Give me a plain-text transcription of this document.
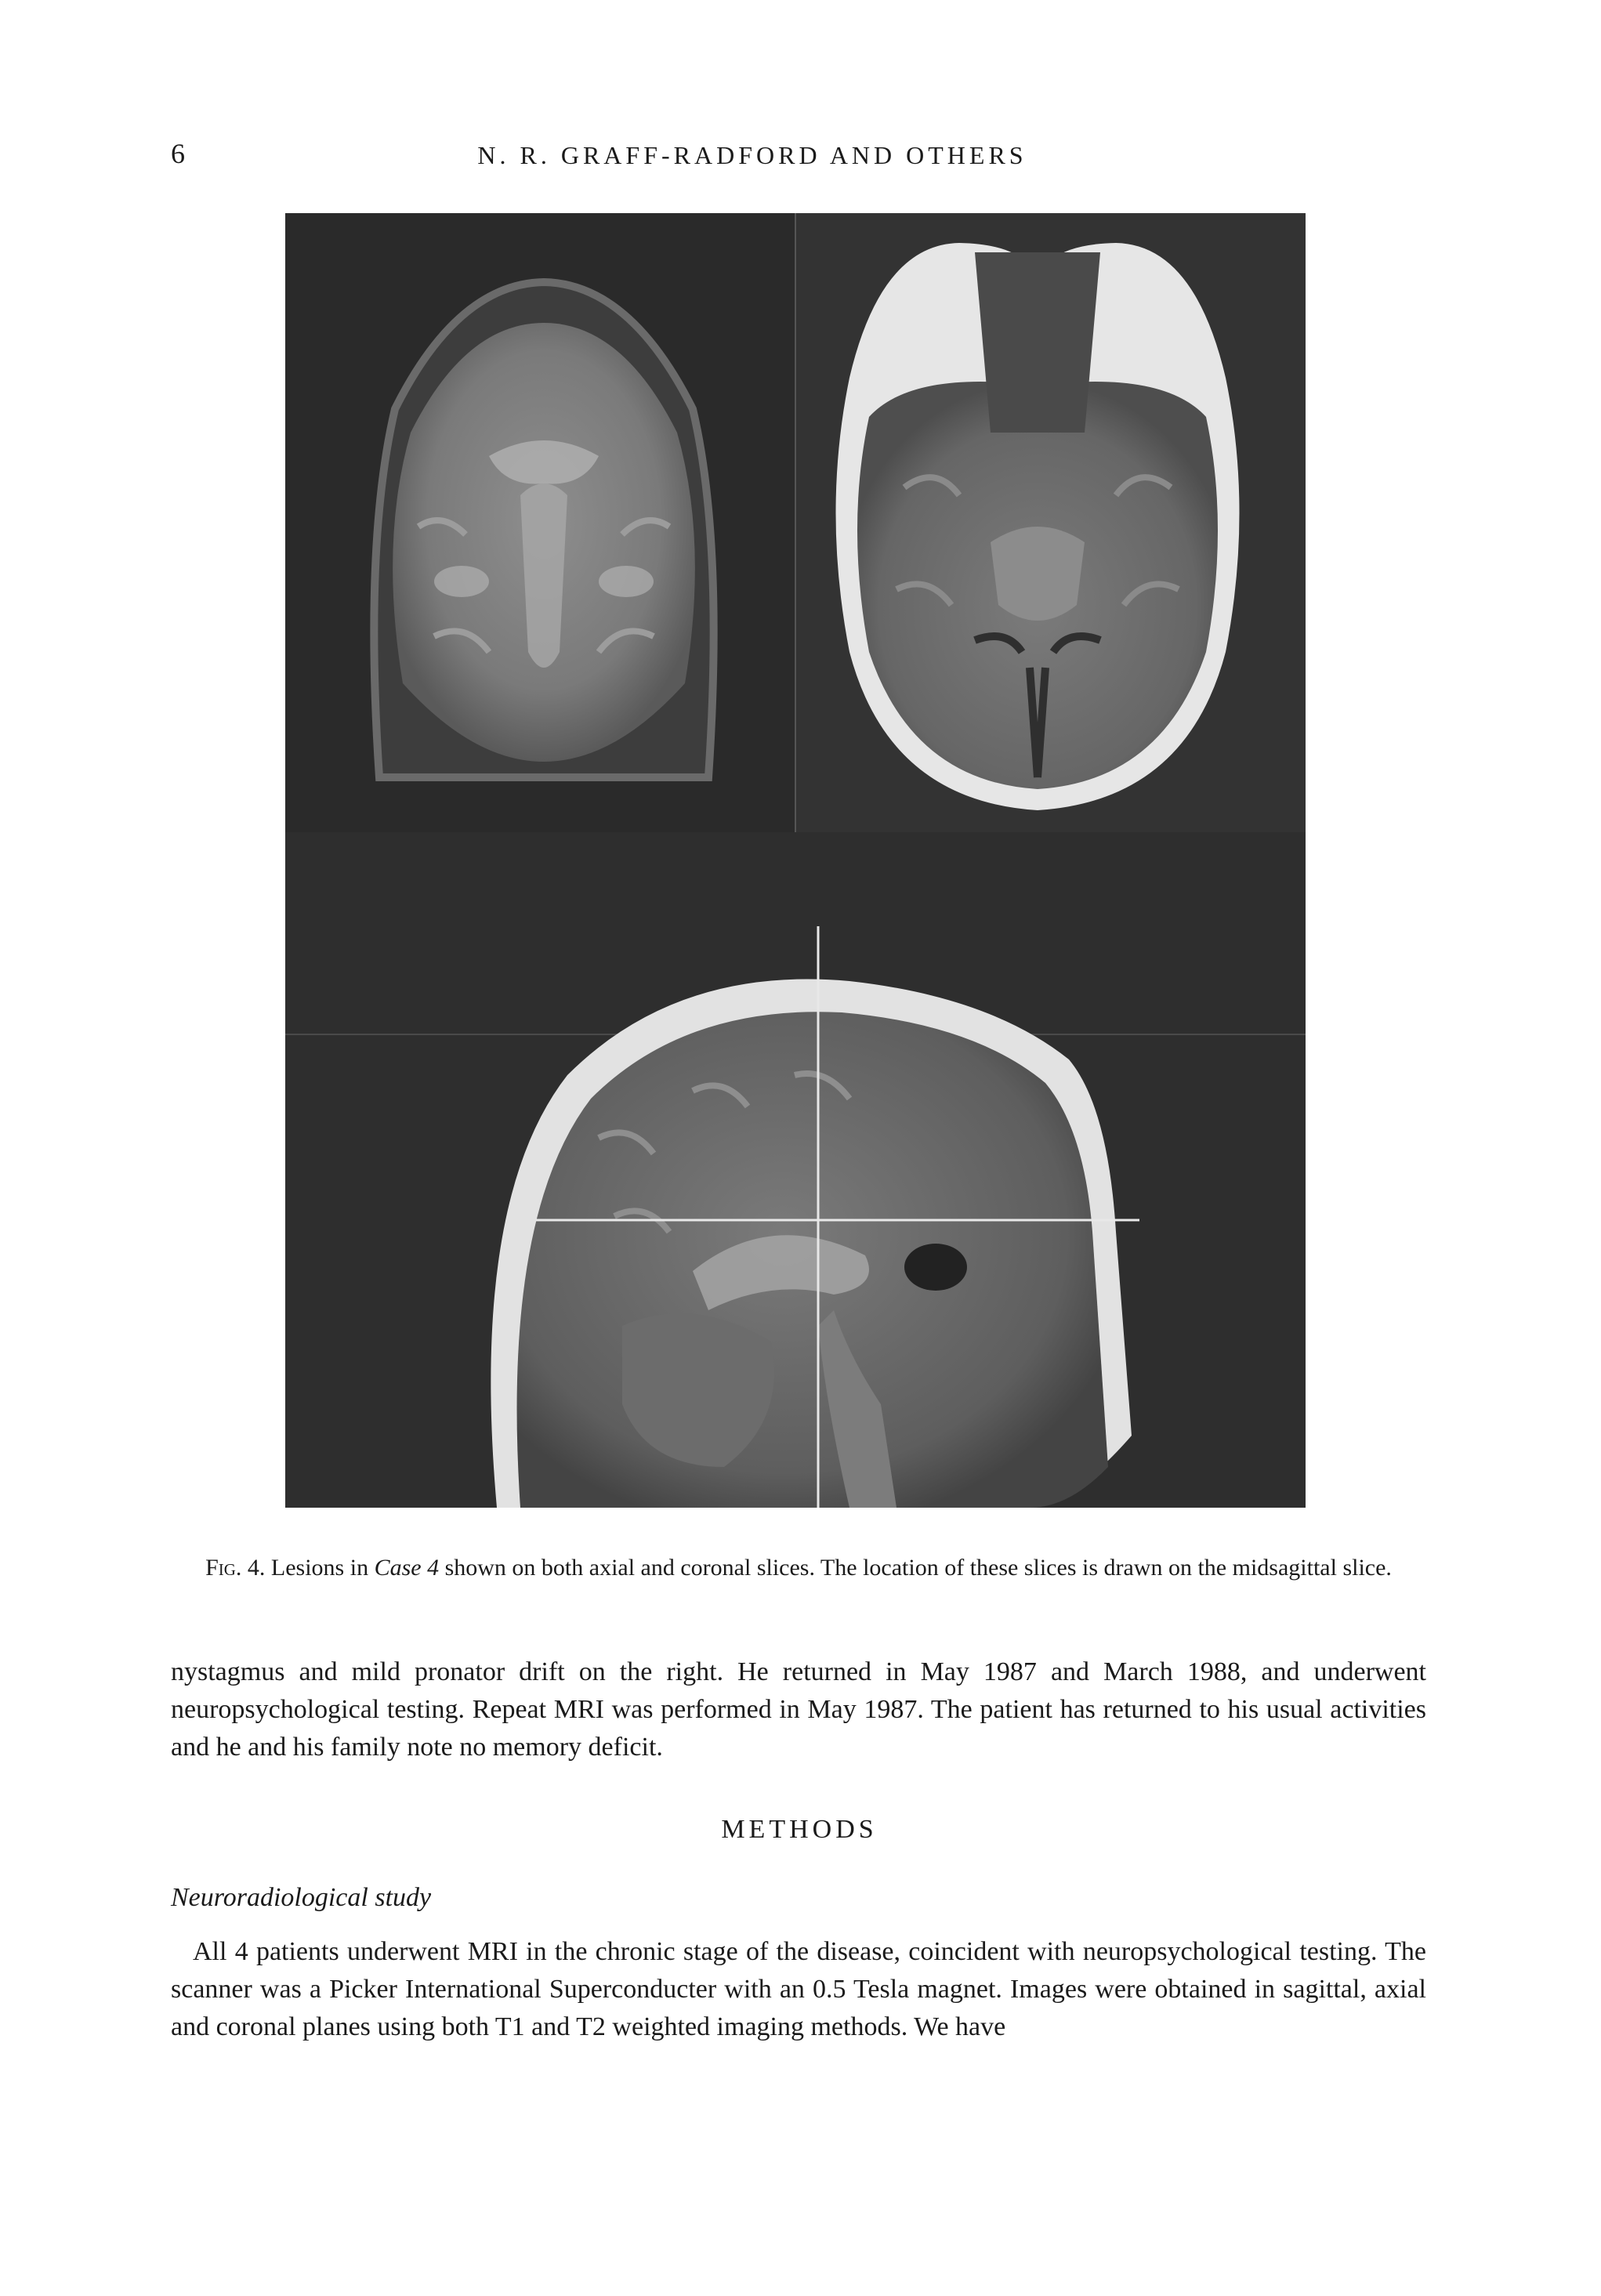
6	N. R. GRAFF-RADFORD AND OTHERS
Fig. 4. Lesions in Case 4 shown on both axial and coronal slices. The location of these slices is drawn on the midsagittal slice.

nystagmus and mild pronator drift on the right. He returned in May 1987 and March 1988, and underwent neuropsychological testing. Repeat MRI was performed in May 1987. The patient has returned to his usual activities and he and his family note no memory deficit.

METHODS
Neuroradiological study

All 4 patients underwent MRI in the chronic stage of the disease, coincident with neuropsychological testing. The scanner was a Picker International Superconducter with an 0.5 Tesla magnet. Images were obtained in sagittal, axial and coronal planes using both T1 and T2 weighted imaging methods. We have
